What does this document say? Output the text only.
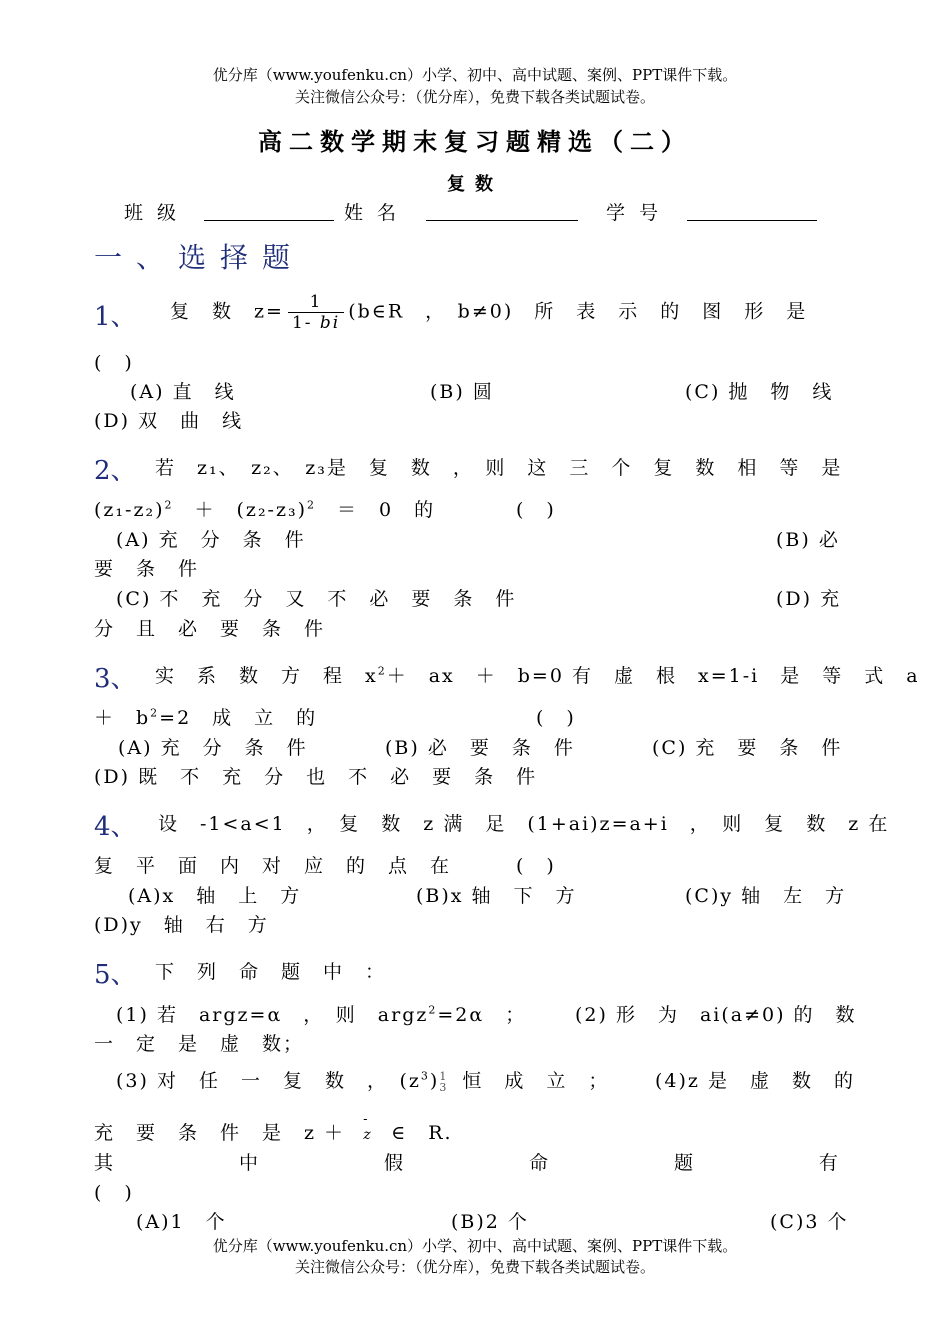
优分库（www.youfenku.cn）小学、初中、高中试题、案例、PPT课件下载。
关注微信公众号：（优分库），免费下载各类试题试卷。
高二数学期末复习题精选（二）
复数
班级	姓名	学号
一、选择题
1、 复　数　$z= \frac{1}{1- bi}$ (b∈R　，　b≠0)　所　表　示　的　图　形　是
(　)
(A) 直　线	(B) 圆	(C) 抛　物　线
(D) 双　曲　线
2、 若　z₁、　z₂、　z₃是　复　数　，　则　这　三　个　复　数　相　等　是
$(z_1-z_2)^2$　＋　$(z_2-z_3)^2$　＝　0　的	(　)
(A) 充　分　条　件	(B) 必
要　条　件
(C) 不　充　分　又　不　必　要　条　件	(D) 充
分　且　必　要　条　件
3、 实　系　数　方　程　$x^2+$　ax　＋　b=0 有　虚　根　x=1-i　是　等　式　a
＋　$b^2=2$　成　立　的	(　)
(A) 充　分　条　件	(B) 必　要　条　件	(C) 充　要　条　件
(D) 既　不　充　分　也　不　必　要　条　件
4、 设　-1<a<1　，　复　数　z 满　足　(1+ai)z=a+i　，　则　复　数　z 在
复　平　面　内　对　应　的　点　在	(　)
(A)x　轴　上　方	(B)x 轴　下　方	(C)y 轴　左　方
(D)y　轴　右　方
5、 下　列　命　题　中　：
(1) 若　argz=α　，　则　argz$^2$=2α　；	(2) 形　为　ai(a≠0) 的　数
一　定　是　虚　数；
(3) 对　任　一　复　数　，　$(z^3)1$
3 恒　成　立　； (4)z 是　虚　数　的
充　要　条　件　是　z ＋
-
z ∈　R.
其	中	假	命	题	有
(　)
(A)1　个	(B)2 个	(C)3 个
优分库（www.youfenku.cn）小学、初中、高中试题、案例、PPT课件下载。
关注微信公众号：（优分库），免费下载各类试题试卷。
